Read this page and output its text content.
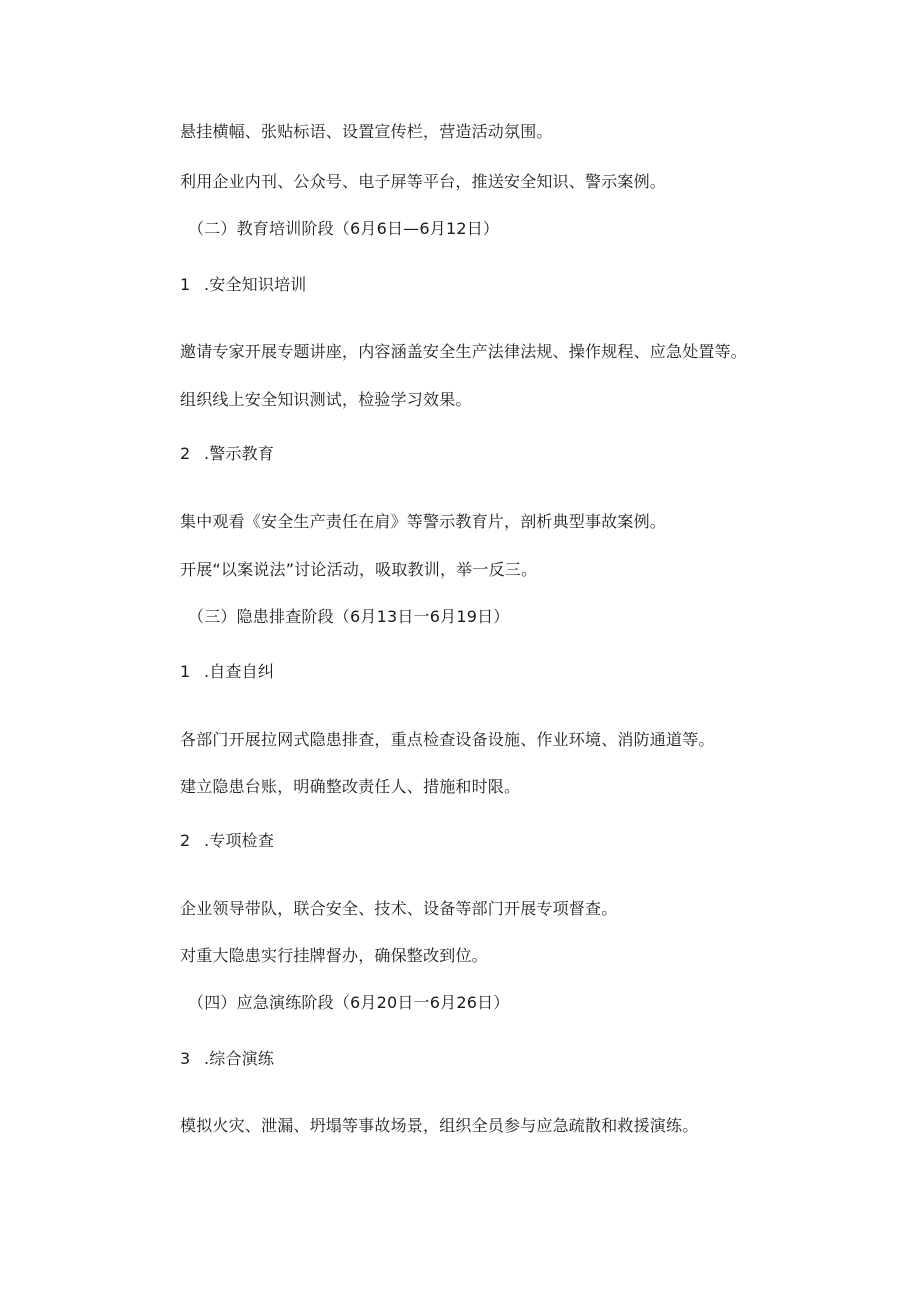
悬挂横幅、张贴标语、设置宣传栏，营造活动氛围。
利用企业内刊、公众号、电子屏等平台，推送安全知识、警示案例。
（二）教育培训阶段（6月6日—6月12日）
1 .安全知识培训
邀请专家开展专题讲座，内容涵盖安全生产法律法规、操作规程、应急处置等。
组织线上安全知识测试，检验学习效果。
2 .警示教育
集中观看《安全生产责任在肩》等警示教育片，剖析典型事故案例。
开展“以案说法”讨论活动，吸取教训，举一反三。
（三）隐患排查阶段（6月13日一6月19日）
1 .自查自纠
各部门开展拉网式隐患排查，重点检查设备设施、作业环境、消防通道等。
建立隐患台账，明确整改责任人、措施和时限。
2 .专项检查
企业领导带队，联合安全、技术、设备等部门开展专项督查。
对重大隐患实行挂牌督办，确保整改到位。
（四）应急演练阶段（6月20日一6月26日）
3 .综合演练
模拟火灾、泄漏、坍塌等事故场景，组织全员参与应急疏散和救援演练。
